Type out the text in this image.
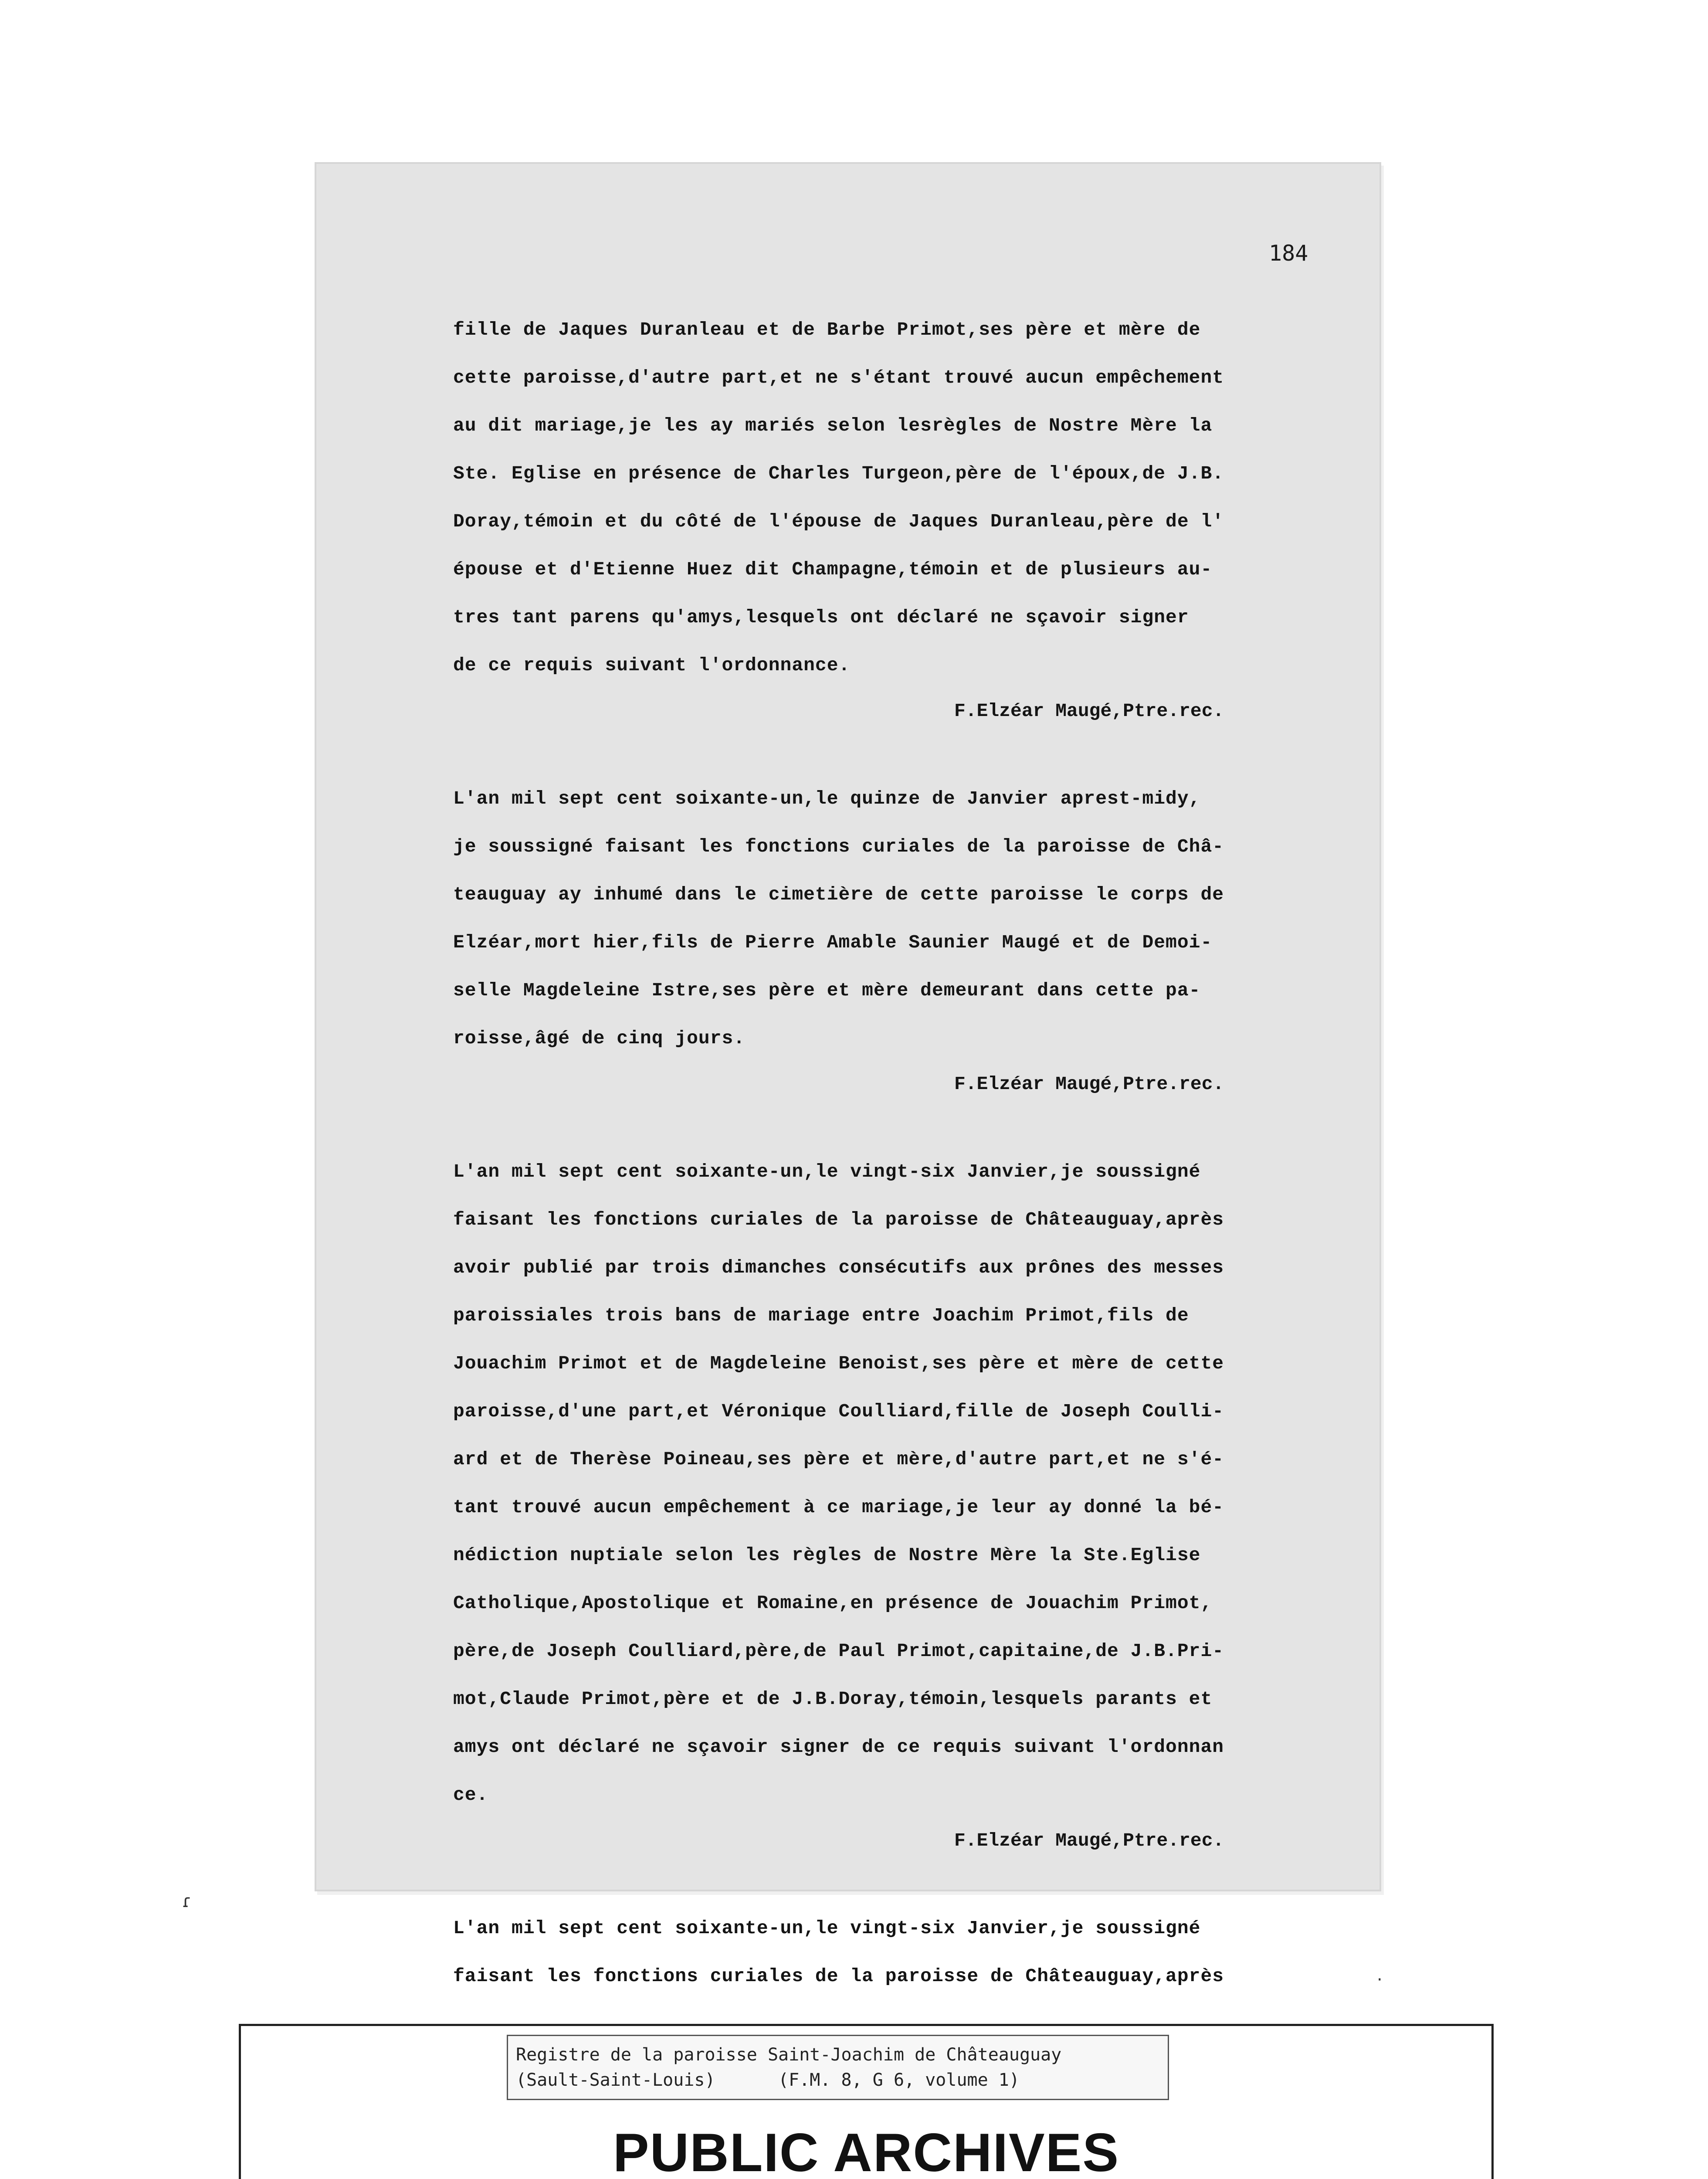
184
fille de Jaques Duranleau et de Barbe Primot,ses père et mère de
cette paroisse,d'autre part,et ne s'étant trouvé aucun empêchement
au dit mariage,je les ay mariés selon lesrègles de Nostre Mère la
Ste. Eglise en présence de Charles Turgeon,père de l'époux,de J.B.
Doray,témoin et du côté de l'épouse de Jaques Duranleau,père de l'
épouse et d'Etienne Huez dit Champagne,témoin et de plusieurs au-
tres tant parens qu'amys,lesquels ont déclaré ne sçavoir signer
de ce requis suivant l'ordonnance.
F.Elzéar Maugé,Ptre.rec.
L'an mil sept cent soixante-un,le quinze de Janvier aprest-midy,
je soussigné faisant les fonctions curiales de la paroisse de Châ-
teauguay ay inhumé dans le cimetière de cette paroisse le corps de
Elzéar,mort hier,fils de Pierre Amable Saunier Maugé et de Demoi-
selle Magdeleine Istre,ses père et mère demeurant dans cette pa-
roisse,âgé de cinq jours.
F.Elzéar Maugé,Ptre.rec.
L'an mil sept cent soixante-un,le vingt-six Janvier,je soussigné
faisant les fonctions curiales de la paroisse de Châteauguay,après
avoir publié par trois dimanches consécutifs aux prônes des messes
paroissiales trois bans de mariage entre Joachim Primot,fils de
Jouachim Primot et de Magdeleine Benoist,ses père et mère de cette
paroisse,d'une part,et Véronique Coulliard,fille de Joseph Coulli-
ard et de Therèse Poineau,ses père et mère,d'autre part,et ne s'é-
tant trouvé aucun empêchement à ce mariage,je leur ay donné la bé-
nédiction nuptiale selon les règles de Nostre Mère la Ste.Eglise
Catholique,Apostolique et Romaine,en présence de Jouachim Primot,
père,de Joseph Coulliard,père,de Paul Primot,capitaine,de J.B.Pri-
mot,Claude Primot,père et de J.B.Doray,témoin,lesquels parants et
amys ont déclaré ne sçavoir signer de ce requis suivant l'ordonnan
ce.
F.Elzéar Maugé,Ptre.rec.
L'an mil sept cent soixante-un,le vingt-six Janvier,je soussigné
faisant les fonctions curiales de la paroisse de Châteauguay,après
ɾ
·
Registre de la paroisse Saint-Joachim de Châteauguay
(Sault-Saint-Louis)      (F.M. 8, G 6, volume 1)
PUBLIC ARCHIVES
